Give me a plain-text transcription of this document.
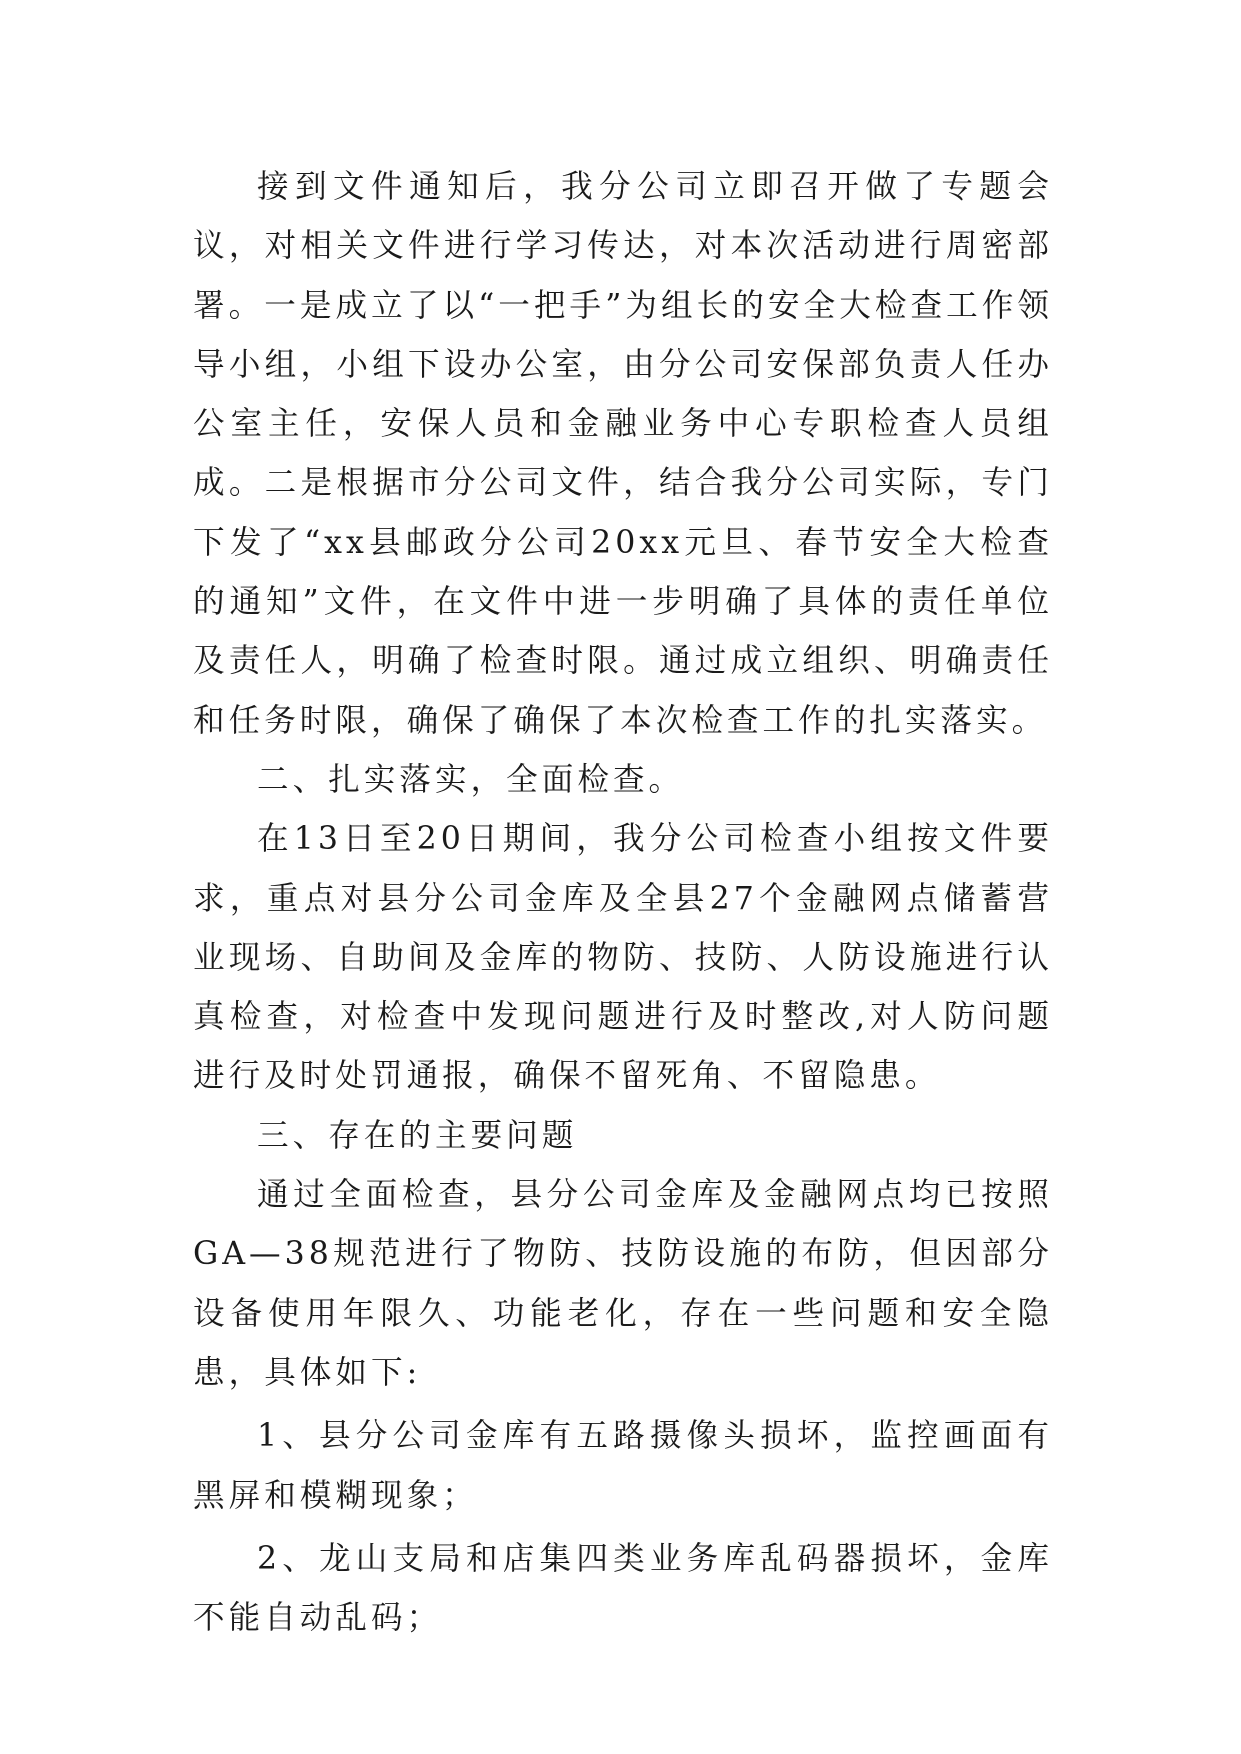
接到文件通知后，我分公司立即召开做了专题会议，对相关文件进行学习传达，对本次活动进行周密部署。一是成立了以“一把手”为组长的安全大检查工作领导小组，小组下设办公室，由分公司安保部负责人任办公室主任，安保人员和金融业务中心专职检查人员组成。二是根据市分公司文件，结合我分公司实际，专门下发了“xx县邮政分公司20xx元旦、春节安全大检查的通知”文件，在文件中进一步明确了具体的责任单位及责任人，明确了检查时限。通过成立组织、明确责任和任务时限，确保了确保了本次检查工作的扎实落实。

二、扎实落实，全面检查。

在13日至20日期间，我分公司检查小组按文件要求，重点对县分公司金库及全县27个金融网点储蓄营业现场、自助间及金库的物防、技防、人防设施进行认真检查，对检查中发现问题进行及时整改,对人防问题进行及时处罚通报，确保不留死角、不留隐患。

三、存在的主要问题

通过全面检查，县分公司金库及金融网点均已按照GA—38规范进行了物防、技防设施的布防，但因部分设备使用年限久、功能老化，存在一些问题和安全隐患，具体如下:

1、县分公司金库有五路摄像头损坏，监控画面有黑屏和模糊现象；

2、龙山支局和店集四类业务库乱码器损坏，金库不能自动乱码；
